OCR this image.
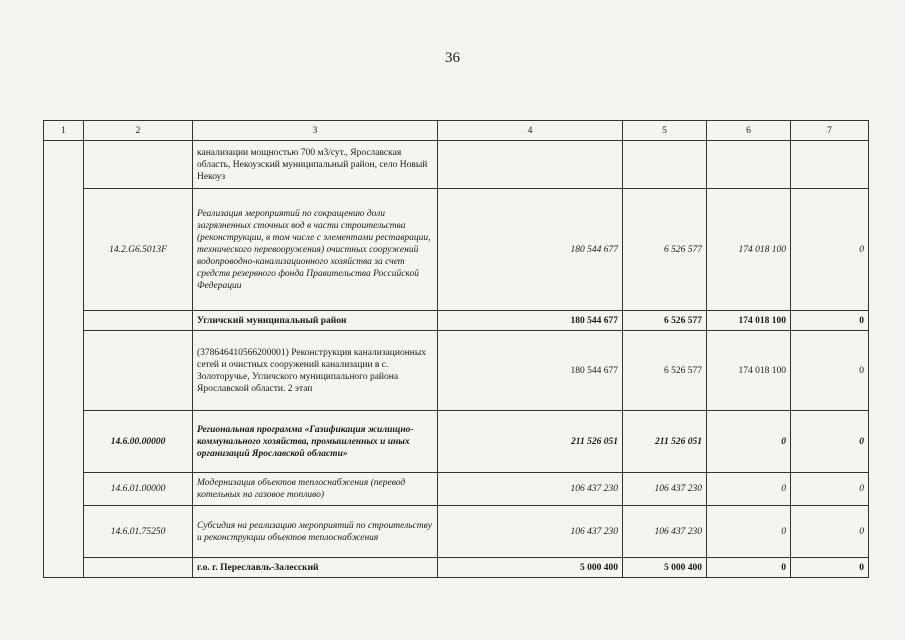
36
1	2	3	4	5	6	7
		канализации мощностью 700 м3/сут., Ярославская область, Некоузский муниципальный район, село Новый Некоуз				
	14.2.G6.5013F	Реализация мероприятий по сокращению доли загрязненных сточных вод в части строительства (реконструкции, в том числе с элементами реставрации, технического перевооружения) очистных сооружений водопроводно-канализационного хозяйства за счет средств резервного фонда Правительства Российской Федерации	180 544 677	6 526 577	174 018 100	0
		Угличский муниципальный район	180 544 677	6 526 577	174 018 100	0
		(378646410566200001) Реконструкция канализационных сетей и очистных сооружений канализации в с. Золоторучье, Угличского муниципального района Ярославской области. 2 этап	180 544 677	6 526 577	174 018 100	0
	14.6.00.00000	Региональная программа «Газификация жилищно-коммунального хозяйства, промышленных и иных организаций Ярославской области»	211 526 051	211 526 051	0	0
	14.6.01.00000	Модернизация объектов теплоснабжения (перевод котельных на газовое топливо)	106 437 230	106 437 230	0	0
	14.6.01.75250	Субсидия на реализацию мероприятий по строительству и реконструкции объектов теплоснабжения	106 437 230	106 437 230	0	0
		г.о. г. Переславль-Залесский	5 000 400	5 000 400	0	0
